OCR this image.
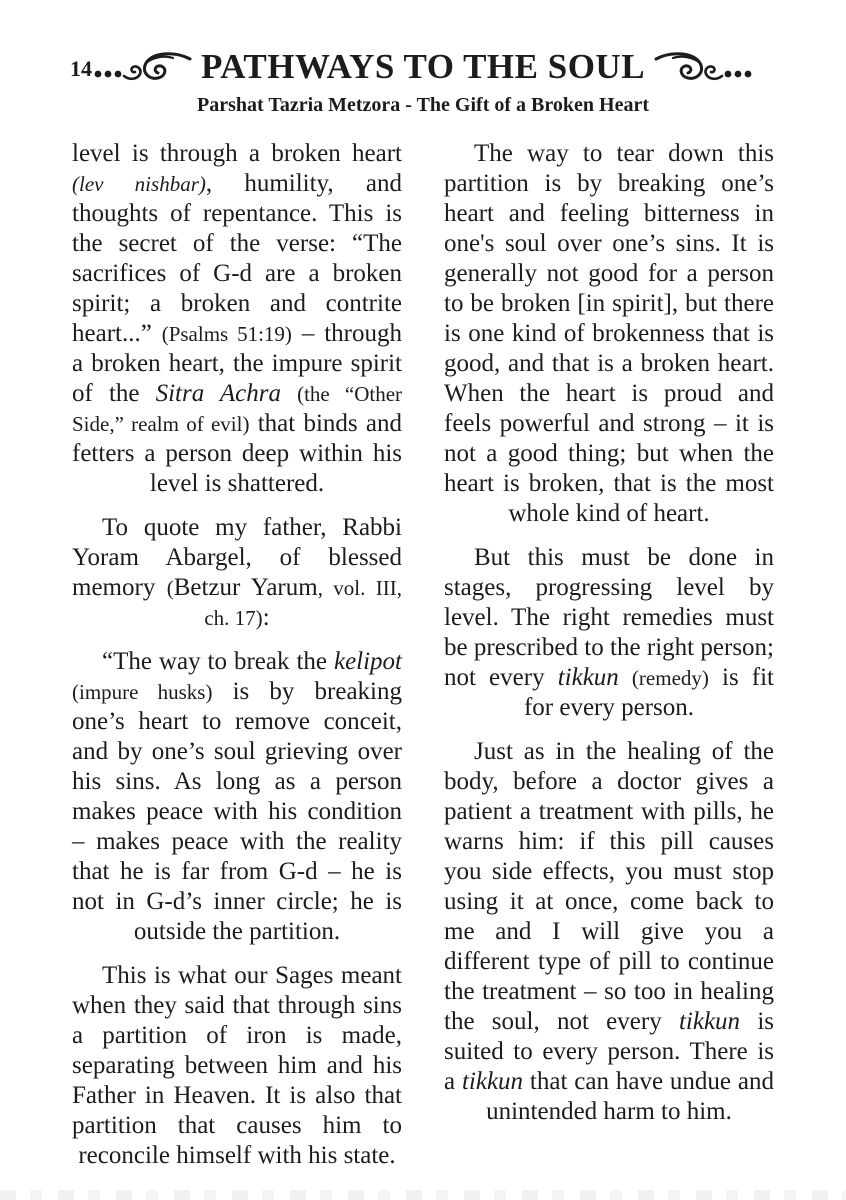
14	PATHWAYS TO THE SOUL
Parshat Tazria Metzora - The Gift of a Broken Heart

level is through a broken heart (lev nishbar), humility, and thoughts of repentance. This is the secret of the verse: “The sacrifices of G-d are a broken spirit; a broken and contrite heart...” (Psalms 51:19) – through a broken heart, the impure spirit of the Sitra Achra (the “Other Side,” realm of evil) that binds and fetters a person deep within his level is shattered.

To quote my father, Rabbi Yoram Abargel, of blessed memory (Betzur Yarum, vol. III, ch. 17):

“The way to break the kelipot (impure husks) is by breaking one’s heart to remove conceit, and by one’s soul grieving over his sins. As long as a person makes peace with his condition – makes peace with the reality that he is far from G-d – he is not in G-d’s inner circle; he is outside the partition.

This is what our Sages meant when they said that through sins a partition of iron is made, separating between him and his Father in Heaven. It is also that partition that causes him to reconcile himself with his state.

The way to tear down this partition is by breaking one’s heart and feeling bitterness in one's soul over one’s sins. It is generally not good for a person to be broken [in spirit], but there is one kind of brokenness that is good, and that is a broken heart. When the heart is proud and feels powerful and strong – it is not a good thing; but when the heart is broken, that is the most whole kind of heart.

But this must be done in stages, progressing level by level. The right remedies must be prescribed to the right person; not every tikkun (remedy) is fit for every person.

Just as in the healing of the body, before a doctor gives a patient a treatment with pills, he warns him: if this pill causes you side effects, you must stop using it at once, come back to me and I will give you a different type of pill to continue the treatment – so too in healing the soul, not every tikkun is suited to every person. There is a tikkun that can have undue and unintended harm to him.
